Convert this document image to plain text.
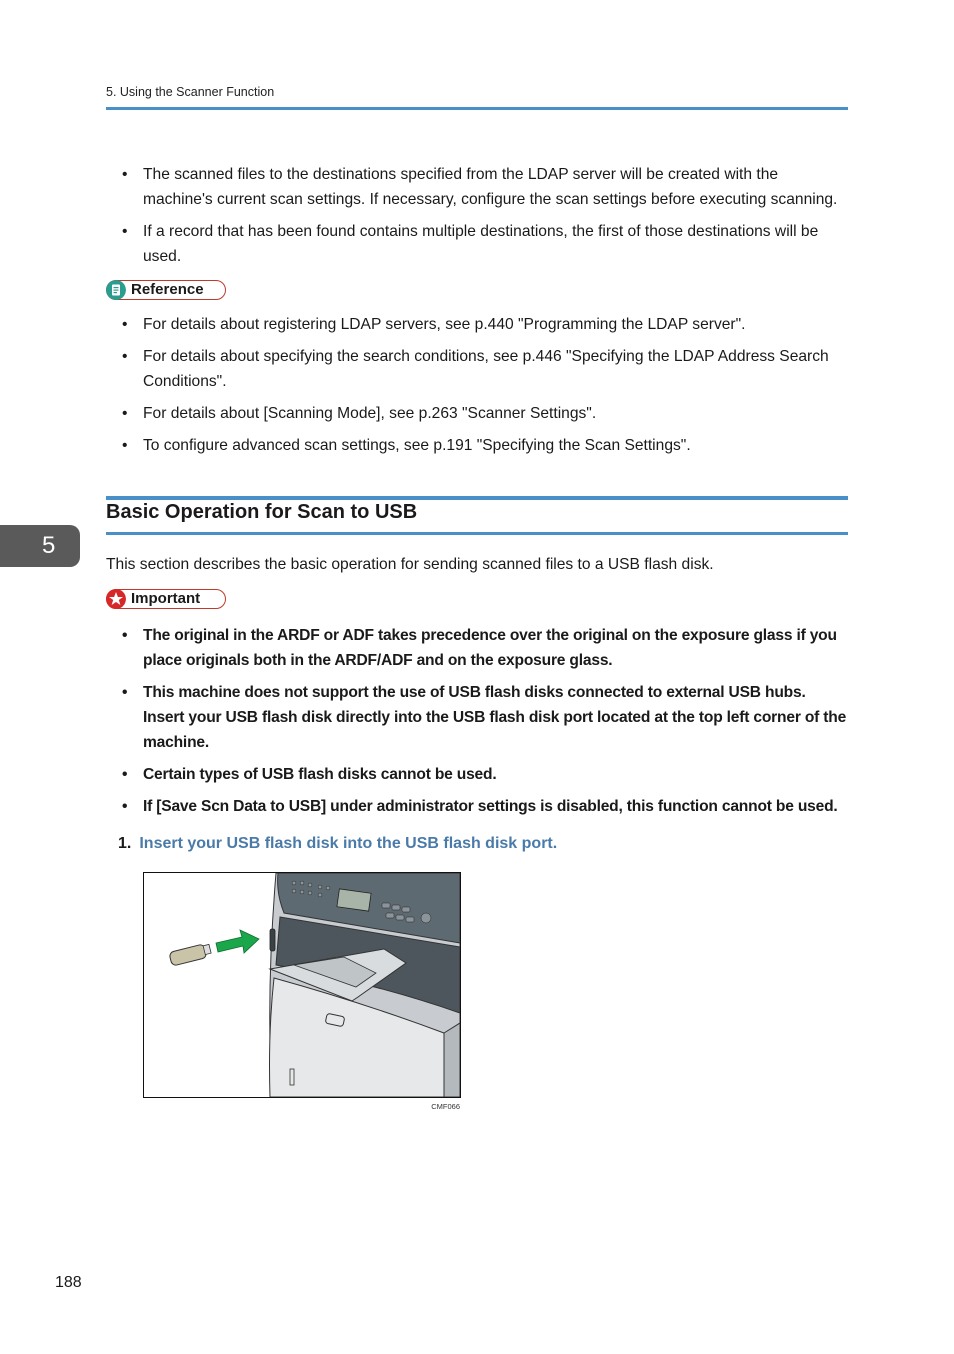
5. Using the Scanner Function
• The scanned files to the destinations specified from the LDAP server will be created with the machine's current scan settings. If necessary, configure the scan settings before executing scanning.
• If a record that has been found contains multiple destinations, the first of those destinations will be used.
Reference
• For details about registering LDAP servers, see p.440 "Programming the LDAP server".
• For details about specifying the search conditions, see p.446 "Specifying the LDAP Address Search Conditions".
• For details about [Scanning Mode], see p.263 "Scanner Settings".
• To configure advanced scan settings, see p.191 "Specifying the Scan Settings".
Basic Operation for Scan to USB
5
This section describes the basic operation for sending scanned files to a USB flash disk.
Important
• The original in the ARDF or ADF takes precedence over the original on the exposure glass if you place originals both in the ARDF/ADF and on the exposure glass.
• This machine does not support the use of USB flash disks connected to external USB hubs. Insert your USB flash disk directly into the USB flash disk port located at the top left corner of the machine.
• Certain types of USB flash disks cannot be used.
• If [Save Scn Data to USB] under administrator settings is disabled, this function cannot be used.
1. Insert your USB flash disk into the USB flash disk port.
CMF066
188
